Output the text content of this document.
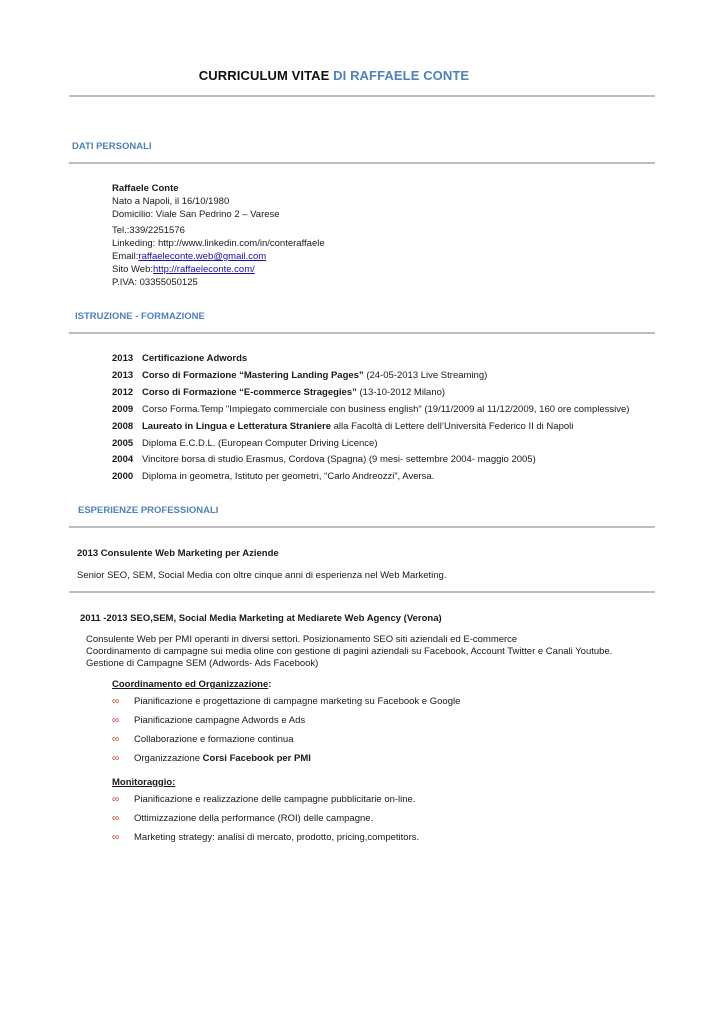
CURRICULUM VITAE DI RAFFAELE CONTE
DATI PERSONALI
Raffaele Conte
Nato a Napoli, il 16/10/1980
Domicilio: Viale San Pedrino 2 – Varese
Tel.:339/2251576
Linkeding: http://www.linkedin.com/in/conteraffaele
Email:raffaeleconte.web@gmail.com
Sito Web:http://raffaeleconte.com/
P.IVA: 03355050125
ISTRUZIONE - FORMAZIONE
2013 Certificazione Adwords
2013 Corso di Formazione “Mastering Landing Pages” (24-05-2013 Live Streaming)
2012 Corso di Formazione “E-commerce Stragegies” (13-10-2012 Milano)
2009 Corso Forma.Temp "Impiegato commerciale con business english" (19/11/2009 al 11/12/2009, 160 ore complessive)
2008 Laureato in Lingua e Letteratura Straniere alla Facoltà di Lettere dell’Università Federico II di Napoli
2005 Diploma E.C.D.L. (European Computer Driving Licence)
2004 Vincitore borsa di studio Erasmus, Cordova (Spagna) (9 mesi- settembre 2004- maggio 2005)
2000 Diploma in geometra, Istituto per geometri, “Carlo Andreozzi”, Aversa.
ESPERIENZE PROFESSIONALI
2013 Consulente Web Marketing per Aziende
Senior SEO, SEM, Social Media con oltre cinque anni di esperienza nel Web Marketing.
2011 -2013 SEO,SEM, Social Media Marketing at Mediarete Web Agency (Verona)
Consulente Web per PMI operanti in diversi settori. Posizionamento SEO siti aziendali ed E-commerce
Coordinamento di campagne sui media oline con gestione di pagini aziendali su Facebook, Account Twitter e Canali Youtube.
Gestione di Campagne SEM (Adwords- Ads Facebook)
Coordinamento ed Organizzazione:
∞ Pianificazione e progettazione di campagne marketing su Facebook e Google
∞ Pianificazione campagne Adwords e Ads
∞ Collaborazione e formazione continua
∞ Organizzazione Corsi Facebook per PMI
Monitoraggio:
∞ Pianificazione e realizzazione delle campagne pubblicitarie on-line.
∞ Ottimizzazione della performance (ROI) delle campagne.
∞ Marketing strategy: analisi di mercato, prodotto, pricing,competitors.
